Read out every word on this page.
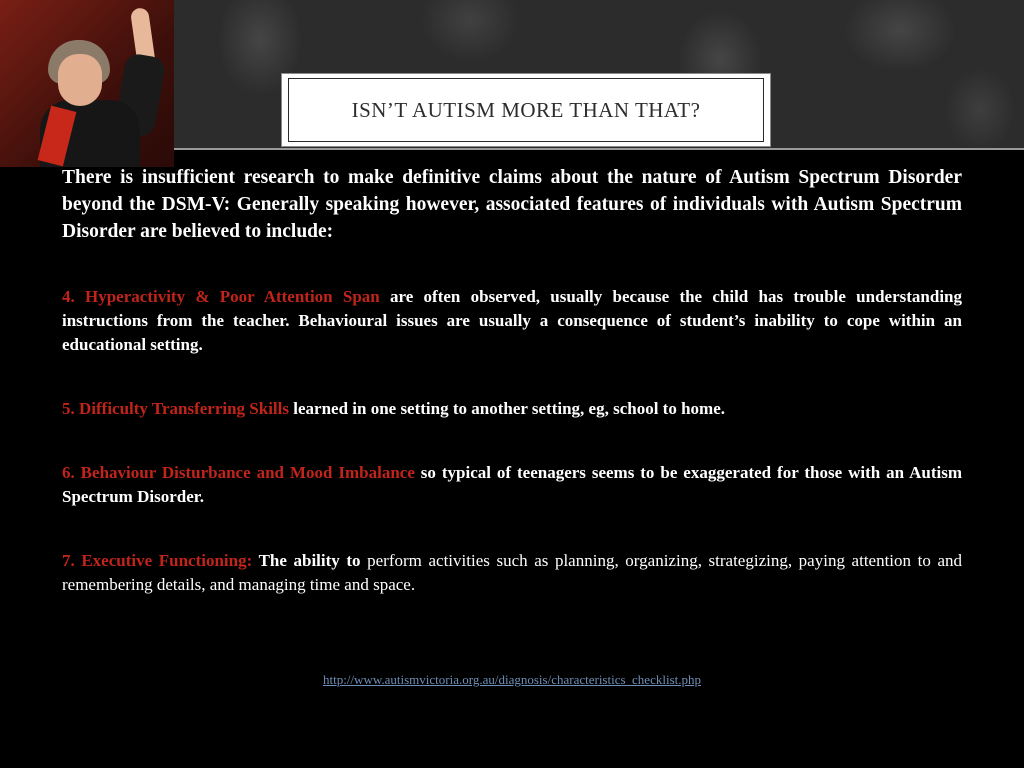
ISN’T AUTISM MORE THAN THAT?

There is insufficient research to make definitive claims about the nature of Autism Spectrum Disorder beyond the DSM-V: Generally speaking however, associated features of individuals with Autism Spectrum Disorder are believed to include:

4. Hyperactivity & Poor Attention Span are often observed, usually because the child has trouble understanding instructions from the teacher. Behavioural issues are usually a consequence of student’s inability to cope within an educational setting.

5. Difficulty Transferring Skills learned in one setting to another setting, eg, school to home.

6. Behaviour Disturbance and Mood Imbalance so typical of teenagers seems to be exaggerated for those with an Autism Spectrum Disorder.

7. Executive Functioning: The ability to perform activities such as planning, organizing, strategizing, paying attention to and remembering details, and managing time and space.

http://www.autismvictoria.org.au/diagnosis/characteristics_checklist.php
